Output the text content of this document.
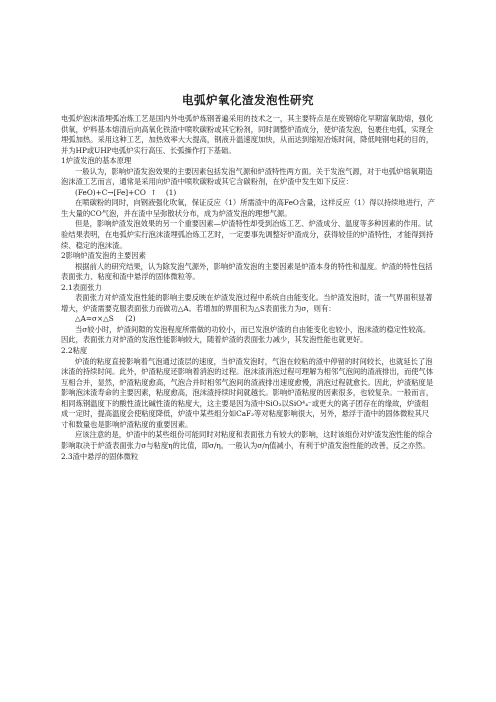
电弧炉氧化渣发泡性研究

电弧炉泡沫渣埋弧冶炼工艺是国内外电弧炉炼钢普遍采用的技术之一，其主要特点是在废钢熔化早期富氧助熔，强化供氧，炉料基本熔清后向高氧化铁渣中喷吹碳粉或其它粉剂，同时调整炉渣成分，使炉渣发泡，包裹住电弧，实现全埋弧加热。采用这种工艺，加热效率大大提高，钢液升温速度加快，从而达到缩短冶炼时间，降低吨钢电耗的目的，并为HP或UHP电弧炉实行高压、长弧操作打下基础。

1炉渣发泡的基本原理

一般认为，影响炉渣发泡效果的主要因素包括发泡气源和炉渣特性两方面。关于发泡气源，对于电弧炉熔氧期造泡沫渣工艺而言，通常是采用向炉渣中喷吹碳粉或其它含碳粉剂，在炉渣中发生如下反应：

(FeO)+C→[Fe]+CO  ↑    (1)

在喷碳粉的同时，向钢液强化吹氧，保证反应（1）所需渣中的高FeO含量，这样反应（1）得以持续地进行，产生大量的CO气泡，并在渣中呈弥散状分布，成为炉渣发泡的理想气源。

但是，影响炉渣发泡效果的另一个重要因素—炉渣特性却受到冶炼工艺、炉渣成分、温度等多种因素的作用。试验结果表明，在电弧炉实行泡沫渣埋弧冶炼工艺时，一定要事先调整好炉渣成分，获得较佳的炉渣特性，才能得到持续、稳定的泡沫渣。

2影响炉渣发泡的主要因素

根据前人的研究结果，认为除发泡气源外，影响炉渣发泡的主要因素是炉渣本身的特性和温度。炉渣的特性包括表面张力、粘度和渣中悬浮的固体微粒等。

2.1表面张力

表面张力对炉渣发泡性能的影响主要反映在炉渣发泡过程中系统自由能变化。当炉渣发泡时，渣一气界面积显著增大，炉渣需要克服表面张力而做功△A。若增加的界面积为△S表面张力为σ，则有：

△A=σ×△S     (2)

当σ较小时，炉渣间隙的发泡程度所需做的功较小，而已发泡炉渣的自由能变化也较小，泡沫渣的稳定性较高。因此，表面张力对炉渣的发泡性能影响较大，随着炉渣的表面张力减少，其发泡性能也就更好。

2.2粘度

炉渣的粘度直接影响着气泡通过渣层的速度，当炉渣发泡时，气泡在较粘的渣中停留的时间较长，也就延长了泡沫渣的持续时间。此外，炉渣粘度还影响着消泡的过程。泡沫渣消泡过程可理解为相邻气泡间的渣液排出，而使气体互相合并，显然，炉渣粘度愈高，气泡合并时相邻气泡间的渣液排出速度愈慢，消泡过程就愈长。因此，炉渣粘度是影响泡沫渣寿命的主要因素，粘度愈高，泡沫渣持续时间就越长。影响炉渣粘度的因素很多，也较复杂。一般而言，相同炼钢温度下的酸性渣比碱性渣的粘度大，这主要是因为渣中SiO₂以SiO⁴₄⁻或更大的离子团存在的缘故，炉渣组成一定时，提高温度会使粘度降低，炉渣中某些组分如CaF₂等对粘度影响很大，另外，悬浮于渣中的固体微粒其尺寸和数量也是影响炉渣粘度的重要因素。

应该注意的是，炉渣中的某些组份可能同时对粘度和表面张力有较大的影响，这时该组份对炉渣发泡性能的综合影响取决于炉渣表面张力σ与粘度η的比值，即σ/η。一般认为σ/η值减小，有利于炉渣发泡性能的改善，反之亦然。

2.3渣中悬浮的固体微粒
